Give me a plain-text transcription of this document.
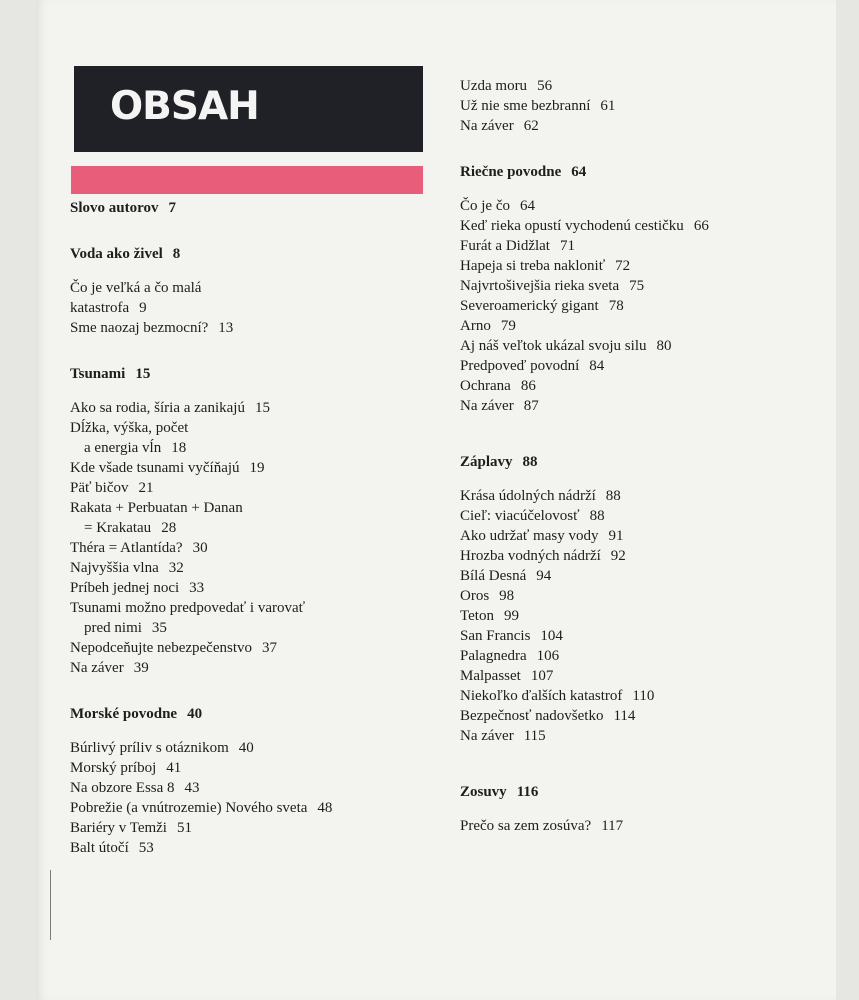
OBSAH
Slovo autorov 7
Voda ako živel 8
Čo je veľká a čo malá
katastrofa 9
Sme naozaj bezmocní? 13
Tsunami 15
Ako sa rodia, šíria a zanikajú 15
Dĺžka, výška, počet
a energia vĺn 18
Kde všade tsunami vyčíňajú 19
Päť bičov 21
Rakata + Perbuatan + Danan
= Krakatau 28
Théra = Atlantída? 30
Najvyššia vlna 32
Príbeh jednej noci 33
Tsunami možno predpovedať i varovať
pred nimi 35
Nepodceňujte nebezpečenstvo 37
Na záver 39
Morské povodne 40
Búrlivý príliv s otáznikom 40
Morský príboj 41
Na obzore Essa 8 43
Pobrežie (a vnútrozemie) Nového sveta 48
Bariéry v Temži 51
Balt útočí 53
Uzda moru 56
Už nie sme bezbranní 61
Na záver 62
Riečne povodne 64
Čo je čo 64
Keď rieka opustí vychodenú cestičku 66
Furát a Didžlat 71
Hapeja si treba nakloniť 72
Najvrtošivejšia rieka sveta 75
Severoamerický gigant 78
Arno 79
Aj náš veľtok ukázal svoju silu 80
Predpoveď povodní 84
Ochrana 86
Na záver 87
Záplavy 88
Krása údolných nádrží 88
Cieľ: viacúčelovosť 88
Ako udržať masy vody 91
Hrozba vodných nádrží 92
Bílá Desná 94
Oros 98
Teton 99
San Francis 104
Palagnedra 106
Malpasset 107
Niekoľko ďalších katastrof 110
Bezpečnosť nadovšetko 114
Na záver 115
Zosuvy 116
Prečo sa zem zosúva? 117
